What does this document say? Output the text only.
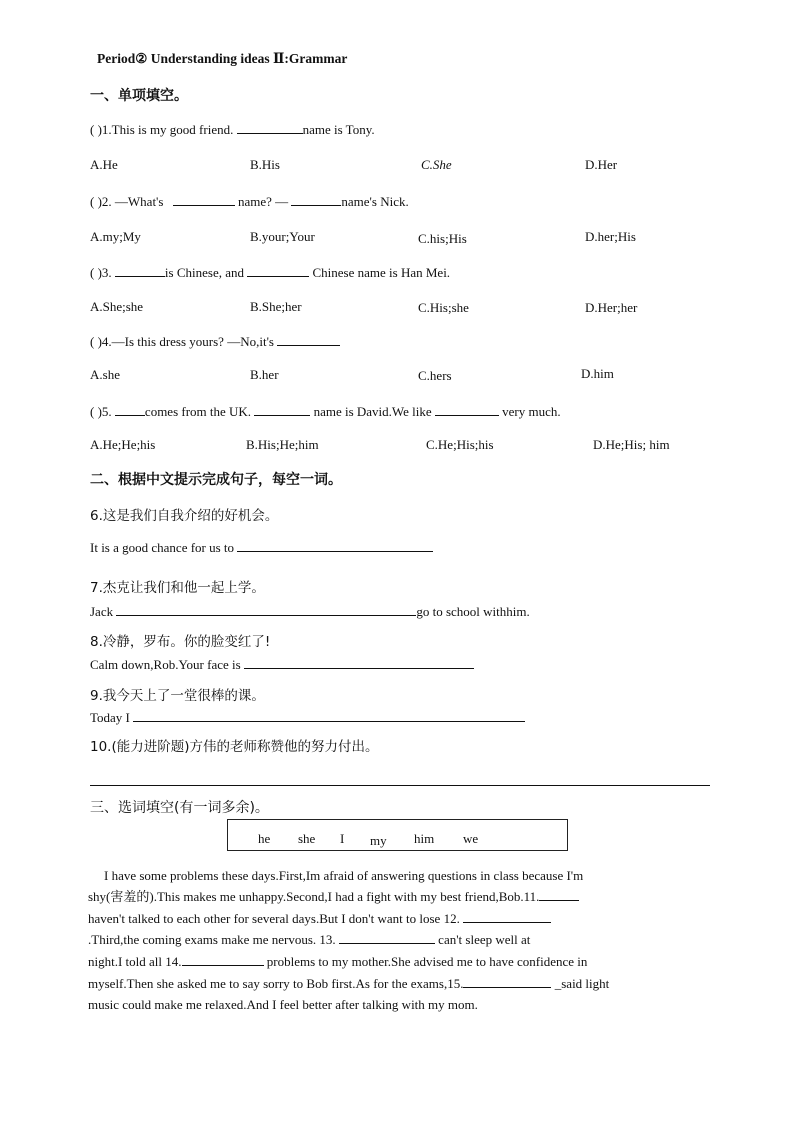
Period② Understanding ideas Ⅱ:Grammar
一、单项填空。
( )1.This is my good friend.	name is Tony.
A.He	B.His	C.She	D.Her
( )2. —What's	name? —	name's Nick.
A.my;My	B.your;Your	C.his;His	D.her;His
( )3.	is Chinese, and	Chinese name is Han Mei.
A.She;she	B.She;her	C.His;she	D.Her;her
( )4.—Is this dress yours? —No,it's
A.she	B.her	C.hers	D.him
( )5.	comes from the UK.	name is David.We like	very much.
A.He;He;his	B.His;He;him	C.He;His;his	D.He;His; him
二、根据中文提示完成句子，每空一词。
6.这是我们自我介绍的好机会。
It is a good chance for us to
7.杰克让我们和他一起上学。
Jack	go to school withhim.
8.冷静，罗布。你的脸变红了!
Calm down,Rob.Your face is
9.我今天上了一堂很棒的课。
Today I
10.(能力进阶题)方伟的老师称赞他的努力付出。
三、选词填空(有一词多余)。
he she I my him we
I have some problems these days.First,Im afraid of answering questions in class because I'm
shy(害羞的).This makes me unhappy.Second,I had a fight with my best friend,Bob.11.
haven't talked to each other for several days.But I don't want to lose 12.
.Third,the coming exams make me nervous. 13.	can't sleep well at
night.I told all 14.	problems to my mother.She advised me to have confidence in
myself.Then she asked me to say sorry to Bob first.As for the exams,15.	_said light
music could make me relaxed.And I feel better after talking with my mom.
